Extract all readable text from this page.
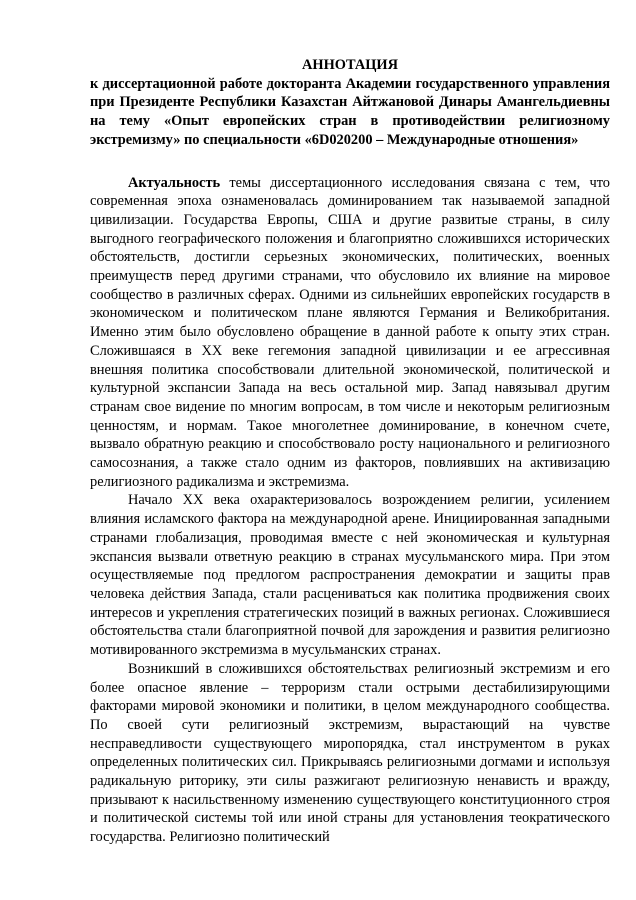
АННОТАЦИЯ
к диссертационной работе докторанта Академии государственного управления при Президенте Республики Казахстан Айтжановой Динары Амангельдиевны на тему «Опыт европейских стран в противодействии религиозному экстремизму» по специальности «6D020200 – Международные отношения»

Актуальность темы диссертационного исследования связана с тем, что современная эпоха ознаменовалась доминированием так называемой западной цивилизации. Государства Европы, США и другие развитые страны, в силу выгодного географического положения и благоприятно сложившихся исторических обстоятельств, достигли серьезных экономических, политических, военных преимуществ перед другими странами, что обусловило их влияние на мировое сообщество в различных сферах. Одними из сильнейших европейских государств в экономическом и политическом плане являются Германия и Великобритания. Именно этим было обусловлено обращение в данной работе к опыту этих стран. Сложившаяся в ХХ веке гегемония западной цивилизации и ее агрессивная внешняя политика способствовали длительной экономической, политической и культурной экспансии Запада на весь остальной мир. Запад навязывал другим странам свое видение по многим вопросам, в том числе и некоторым религиозным ценностям, и нормам. Такое многолетнее доминирование, в конечном счете, вызвало обратную реакцию и способствовало росту национального и религиозного самосознания, а также стало одним из факторов, повлиявших на активизацию религиозного радикализма и экстремизма.

Начало ХХ века охарактеризовалось возрождением религии, усилением влияния исламского фактора на международной арене. Инициированная западными странами глобализация, проводимая вместе с ней экономическая и культурная экспансия вызвали ответную реакцию в странах мусульманского мира. При этом осуществляемые под предлогом распространения демократии и защиты прав человека действия Запада, стали расцениваться как политика продвижения своих интересов и укрепления стратегических позиций в важных регионах. Сложившиеся обстоятельства стали благоприятной почвой для зарождения и развития религиозно мотивированного экстремизма в мусульманских странах.

Возникший в сложившихся обстоятельствах религиозный экстремизм и его более опасное явление – терроризм стали острыми дестабилизирующими факторами мировой экономики и политики, в целом международного сообщества. По своей сути религиозный экстремизм, вырастающий на чувстве несправедливости существующего миропорядка, стал инструментом в руках определенных политических сил. Прикрываясь религиозными догмами и используя радикальную риторику, эти силы разжигают религиозную ненависть и вражду, призывают к насильственному изменению существующего конституционного строя и политической системы той или иной страны для установления теократического государства. Религиозно политический
